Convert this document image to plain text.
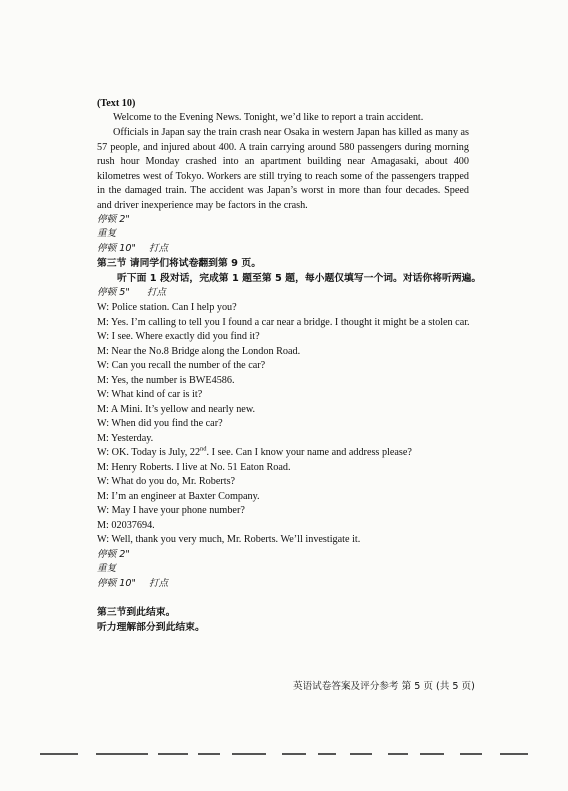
(Text 10)
Welcome to the Evening News. Tonight, we’d like to report a train accident.
Officials in Japan say the train crash near Osaka in western Japan has killed as many as 57 people, and injured about 400. A train carrying around 580 passengers during morning rush hour Monday crashed into an apartment building near Amagasaki, about 400 kilometres west of Tokyo. Workers are still trying to reach some of the passengers trapped in the damaged train. The accident was Japan’s worst in more than four decades. Speed and driver inexperience may be factors in the crash.
停顿 2"
重复
停顿 10" 打点
第三节 请同学们将试卷翻到第 9 页。
听下面 1 段对话，完成第 1 题至第 5 题，每小题仅填写一个词。对话你将听两遍。
停顿 5" 打点
W: Police station. Can I help you?
M: Yes. I’m calling to tell you I found a car near a bridge. I thought it might be a stolen car.
W: I see. Where exactly did you find it?
M: Near the No.8 Bridge along the London Road.
W: Can you recall the number of the car?
M: Yes, the number is BWE4586.
W: What kind of car is it?
M: A Mini. It’s yellow and nearly new.
W: When did you find the car?
M: Yesterday.
W: OK. Today is July, 22nd. I see. Can I know your name and address please?
M: Henry Roberts. I live at No. 51 Eaton Road.
W: What do you do, Mr. Roberts?
M: I’m an engineer at Baxter Company.
W: May I have your phone number?
M: 02037694.
W: Well, thank you very much, Mr. Roberts. We’ll investigate it.
停顿 2"
重复
停顿 10" 打点
第三节到此结束。
听力理解部分到此结束。
英语试卷答案及评分参考 第 5 页 (共 5 页)
